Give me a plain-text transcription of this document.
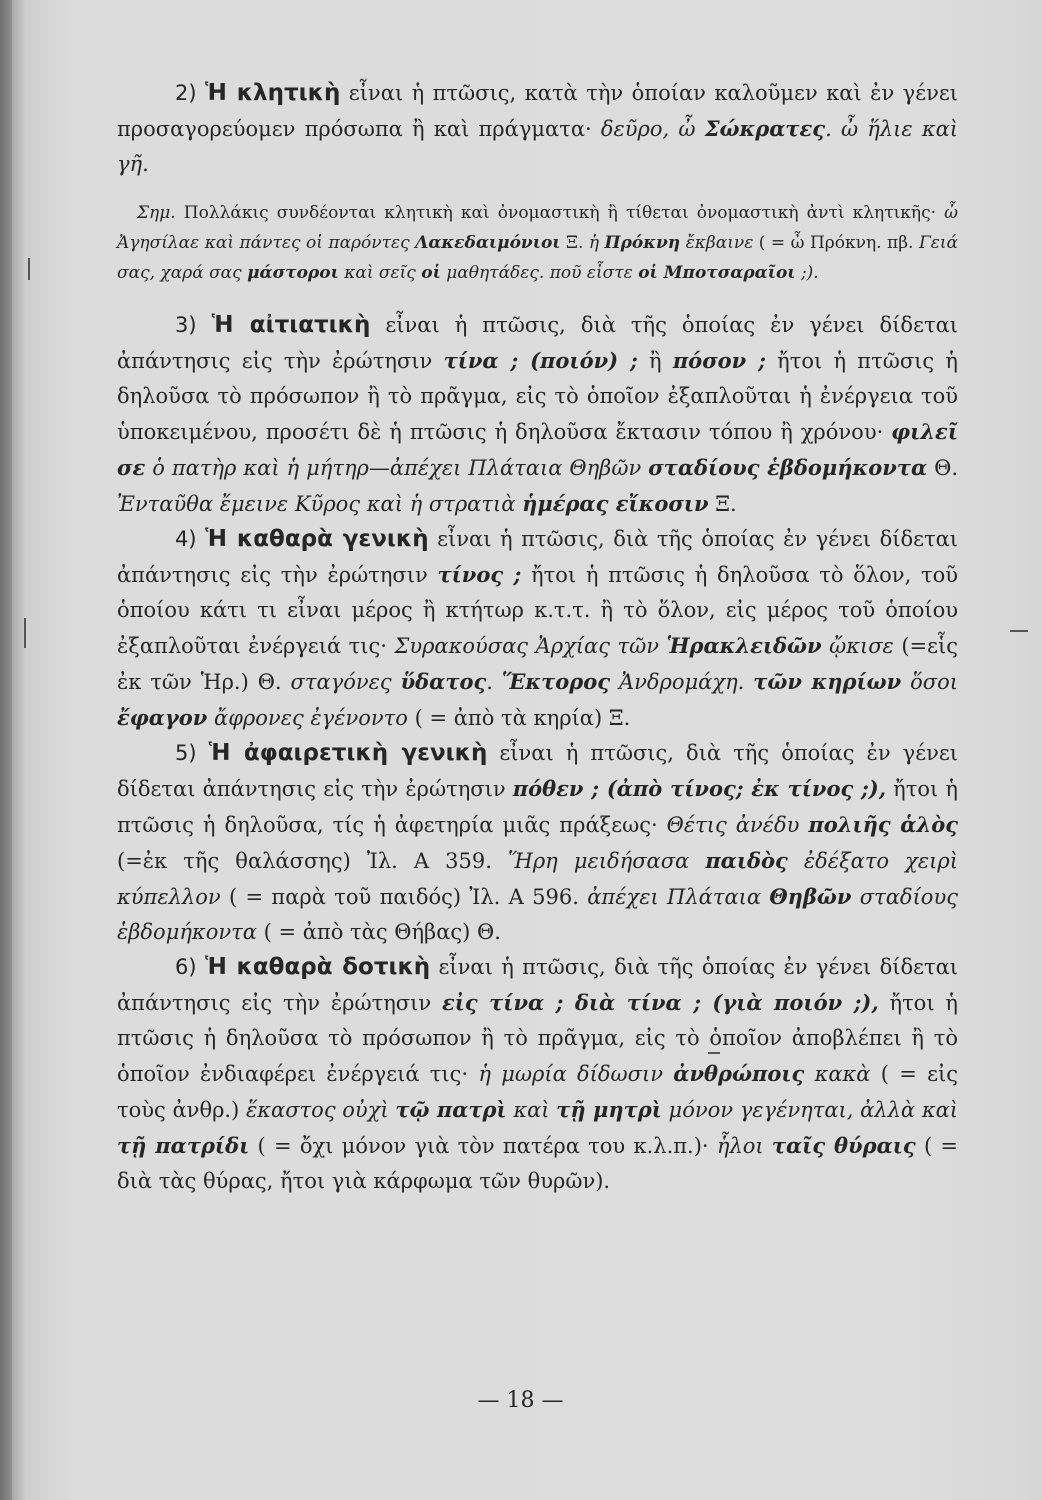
2) Ἡ κλητικὴ εἶναι ἡ πτῶσις, κατὰ τὴν ὁποίαν καλοῦμεν καὶ ἐν γένει προσαγορεύομεν πρόσωπα ἢ καὶ πράγματα· δεῦρο, ὦ Σώκρατες. ὦ ἥλιε καὶ γῆ.

Σημ. Πολλάκις συνδέονται κλητικὴ καὶ ὀνομαστικὴ ἢ τίθεται ὀνομαστικὴ ἀντὶ κλητικῆς· ὦ Ἀγησίλαε καὶ πάντες οἱ παρόντες Λακεδαιμόνιοι Ξ. ἡ Πρόκνη ἔκβαινε ( = ὦ Πρόκνη. πβ. Γειά σας, χαρά σας μάστοροι καὶ σεῖς οἱ μαθητάδες. ποῦ εἶστε οἱ Μποτσαραῖοι ;).

3) Ἡ αἰτιατικὴ εἶναι ἡ πτῶσις, διὰ τῆς ὁποίας ἐν γένει δίδεται ἀπάντησις εἰς τὴν ἐρώτησιν τίνα ; (ποιόν) ; ἢ πόσον ; ἤτοι ἡ πτῶσις ἡ δηλοῦσα τὸ πρόσωπον ἢ τὸ πρᾶγμα, εἰς τὸ ὁποῖον ἐξαπλοῦται ἡ ἐνέργεια τοῦ ὑποκειμένου, προσέτι δὲ ἡ πτῶσις ἡ δηλοῦσα ἔκτασιν τόπου ἢ χρόνου· φιλεῖ σε ὁ πατὴρ καὶ ἡ μήτηρ—ἀπέχει Πλάταια Θηβῶν σταδίους ἑβδομήκοντα Θ. Ἐνταῦθα ἔμεινε Κῦρος καὶ ἡ στρατιὰ ἡμέρας εἴκοσιν Ξ.

4) Ἡ καθαρὰ γενικὴ εἶναι ἡ πτῶσις, διὰ τῆς ὁποίας ἐν γένει δίδεται ἀπάντησις εἰς τὴν ἐρώτησιν τίνος ; ἤτοι ἡ πτῶσις ἡ δηλοῦσα τὸ ὅλον, τοῦ ὁποίου κάτι τι εἶναι μέρος ἢ κτήτωρ κ.τ.τ. ἢ τὸ ὅλον, εἰς μέρος τοῦ ὁποίου ἐξαπλοῦται ἐνέργειά τις· Συρακούσας Ἀρχίας τῶν Ἡρακλειδῶν ᾤκισε (=εἷς ἐκ τῶν Ἡρ.) Θ. σταγόνες ὕδατος. Ἕκτορος Ἀνδρομάχη. τῶν κηρίων ὅσοι ἔφαγον ἄφρονες ἐγένοντο ( = ἀπὸ τὰ κηρία) Ξ.

5) Ἡ ἀφαιρετικὴ γενικὴ εἶναι ἡ πτῶσις, διὰ τῆς ὁποίας ἐν γένει δίδεται ἀπάντησις εἰς τὴν ἐρώτησιν πόθεν ; (ἀπὸ τίνος; ἐκ τίνος ;), ἤτοι ἡ πτῶσις ἡ δηλοῦσα, τίς ἡ ἀφετηρία μιᾶς πράξεως· Θέτις ἀνέδυ πολιῆς ἁλὸς (=ἐκ τῆς θαλάσσης) Ἰλ. Α 359. Ἥρη μειδήσασα παιδὸς ἐδέξατο χειρὶ κύπελλον ( = παρὰ τοῦ παιδός) Ἰλ. Α 596. ἀπέχει Πλάταια Θηβῶν σταδίους ἑβδομήκοντα ( = ἀπὸ τὰς Θήβας) Θ.

6) Ἡ καθαρὰ δοτικὴ εἶναι ἡ πτῶσις, διὰ τῆς ὁποίας ἐν γένει δίδεται ἀπάντησις εἰς τὴν ἐρώτησιν εἰς τίνα ; διὰ τίνα ; (γιὰ ποιόν ;), ἤτοι ἡ πτῶσις ἡ δηλοῦσα τὸ πρόσωπον ἢ τὸ πρᾶγμα, εἰς τὸ ὁποῖον ἀποβλέπει ἢ τὸ ὁποῖον ἐνδιαφέρει ἐνέργειά τις· ἡ μωρία δίδωσιν ἀνθρώποις κακὰ ( = εἰς τοὺς ἀνθρ.) ἕκαστος οὐχὶ τῷ πατρὶ καὶ τῇ μητρὶ μόνον γεγένηται, ἀλλὰ καὶ τῇ πατρίδι ( = ὄχι μόνον γιὰ τὸν πατέρα του κ.λ.π.)· ἧλοι ταῖς θύραις ( = διὰ τὰς θύρας, ἤτοι γιὰ κάρφωμα τῶν θυρῶν).

— 18 —
